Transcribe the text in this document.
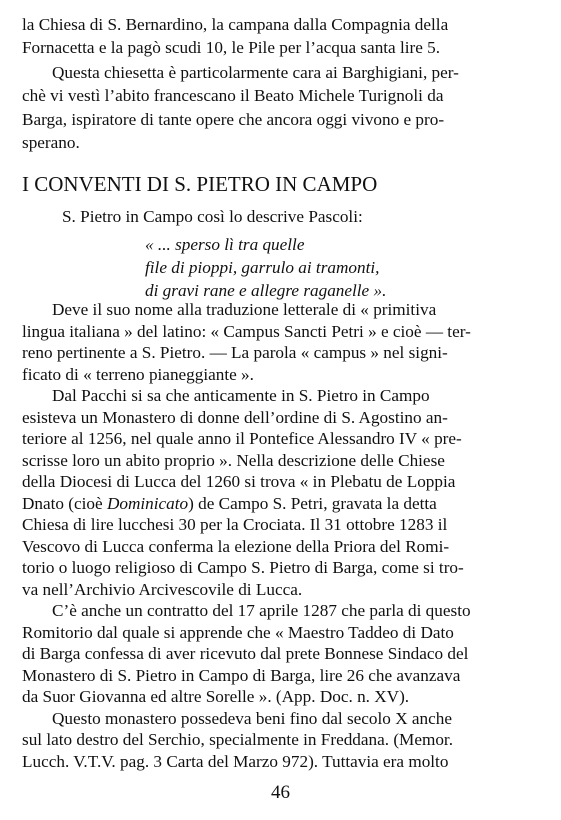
la Chiesa di S. Bernardino, la campana dalla Compagnia della
Fornacetta e la pagò scudi 10, le Pile per l’acqua santa lire 5.
Questa chiesetta è particolarmente cara ai Barghigiani, per-
chè vi vestì l’abito francescano il Beato Michele Turignoli da
Barga, ispiratore di tante opere che ancora oggi vivono e pro-
sperano.
I CONVENTI DI S. PIETRO IN CAMPO
S. Pietro in Campo così lo descrive Pascoli:
« ... sperso lì tra quelle
file di pioppi, garrulo ai tramonti,
di gravi rane e allegre raganelle ».
Deve il suo nome alla traduzione letterale di « primitiva
lingua italiana » del latino: « Campus Sancti Petri » e cioè — ter-
reno pertinente a S. Pietro. — La parola « campus » nel signi-
ficato di « terreno pianeggiante ».
Dal Pacchi si sa che anticamente in S. Pietro in Campo
esisteva un Monastero di donne dell’ordine di S. Agostino an-
teriore al 1256, nel quale anno il Pontefice Alessandro IV « pre-
scrisse loro un abito proprio ». Nella descrizione delle Chiese
della Diocesi di Lucca del 1260 si trova « in Plebatu de Loppia
Dnato (cioè Dominicato) de Campo S. Petri, gravata la detta
Chiesa di lire lucchesi 30 per la Crociata. Il 31 ottobre 1283 il
Vescovo di Lucca conferma la elezione della Priora del Romi-
torio o luogo religioso di Campo S. Pietro di Barga, come si tro-
va nell’Archivio Arcivescovile di Lucca.
C’è anche un contratto del 17 aprile 1287 che parla di questo
Romitorio dal quale si apprende che « Maestro Taddeo di Dato
di Barga confessa di aver ricevuto dal prete Bonnese Sindaco del
Monastero di S. Pietro in Campo di Barga, lire 26 che avanzava
da Suor Giovanna ed altre Sorelle ». (App. Doc. n. XV).
Questo monastero possedeva beni fino dal secolo X anche
sul lato destro del Serchio, specialmente in Freddana. (Memor.
Lucch. V.T.V. pag. 3 Carta del Marzo 972). Tuttavia era molto
46
